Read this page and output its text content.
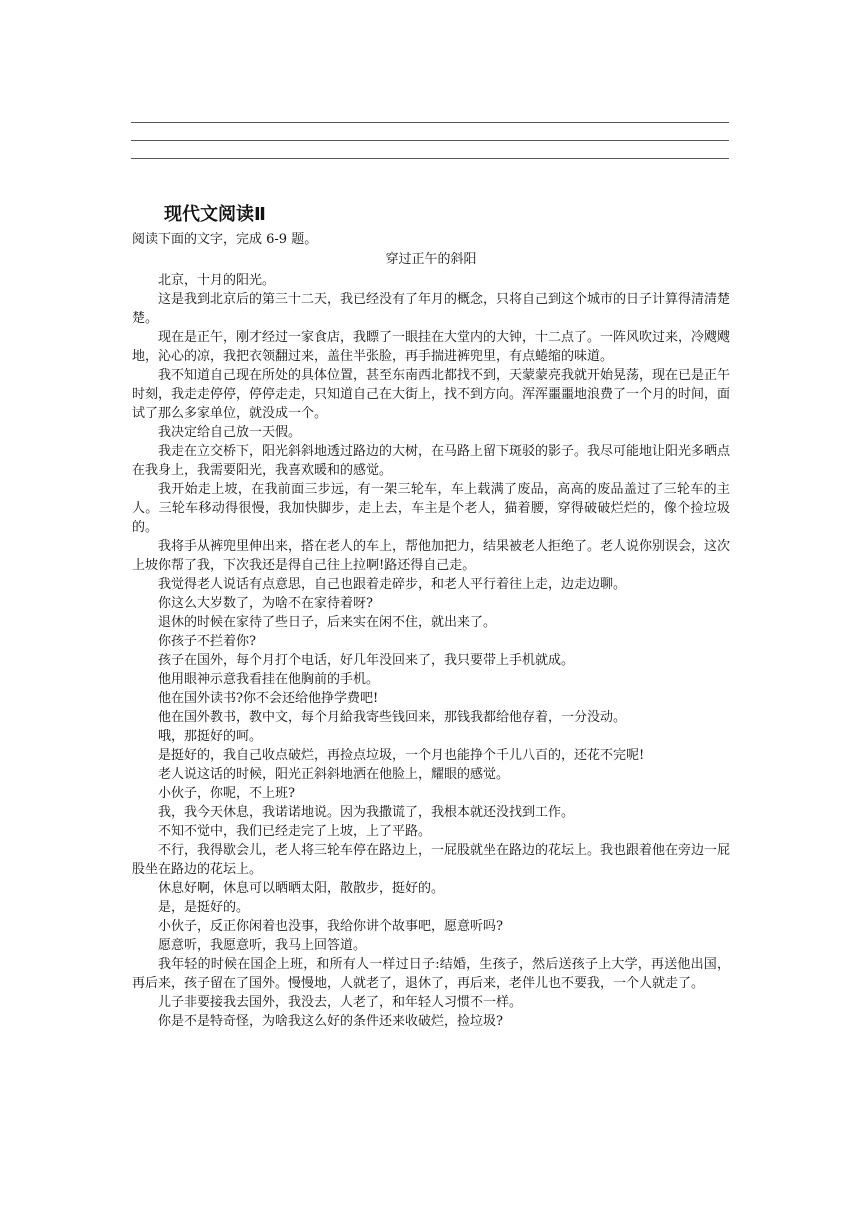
现代文阅读Ⅱ

阅读下面的文字，完成 6-9 题。

穿过正午的斜阳

北京，十月的阳光。

这是我到北京后的第三十二天，我已经没有了年月的概念，只将自己到这个城市的日子计算得清清楚楚。

现在是正午，刚才经过一家食店，我瞟了一眼挂在大堂内的大钟，十二点了。一阵风吹过来，冷飕飕地，沁心的凉，我把衣领翻过来，盖住半张脸，再手揣进裤兜里，有点蜷缩的味道。

我不知道自己现在所处的具体位置，甚至东南西北都找不到，天蒙蒙亮我就开始晃荡，现在已是正午时刻，我走走停停，停停走走，只知道自己在大街上，找不到方向。浑浑噩噩地浪费了一个月的时间，面试了那么多家单位，就没成一个。

我决定给自己放一天假。

我走在立交桥下，阳光斜斜地透过路边的大树，在马路上留下斑驳的影子。我尽可能地让阳光多晒点在我身上，我需要阳光，我喜欢暖和的感觉。

我开始走上坡，在我前面三步远，有一架三轮车，车上载满了废品，高高的废品盖过了三轮车的主人。三轮车移动得很慢，我加快脚步，走上去，车主是个老人，猫着腰，穿得破破烂烂的，像个捡垃圾的。

我将手从裤兜里伸出来，搭在老人的车上，帮他加把力，结果被老人拒绝了。老人说你别误会，这次上坡你帮了我，下次我还是得自己往上拉啊!路还得自己走。

我觉得老人说话有点意思，自己也跟着走碎步，和老人平行着往上走，边走边聊。

你这么大岁数了，为啥不在家待着呀?

退休的时候在家待了些日子，后来实在闲不住，就出来了。

你孩子不拦着你?

孩子在国外，每个月打个电话，好几年没回来了，我只要带上手机就成。

他用眼神示意我看挂在他胸前的手机。

他在国外读书?你不会还给他挣学费吧!

他在国外教书，教中文，每个月給我寄些钱回来，那钱我都给他存着，一分没动。

哦，那挺好的呵。

是挺好的，我自己收点破烂，再捡点垃圾，一个月也能挣个千儿八百的，还花不完呢!

老人说这话的时候，阳光正斜斜地洒在他脸上，耀眼的感觉。

小伙子，你呢，不上班?

我，我今天休息，我诺诺地说。因为我撒谎了，我根本就还没找到工作。

不知不觉中，我们已经走完了上坡，上了平路。

不行，我得歇会儿，老人将三轮车停在路边上，一屁股就坐在路边的花坛上。我也跟着他在旁边一屁股坐在路边的花坛上。

休息好啊，休息可以晒晒太阳，散散步，挺好的。

是，是挺好的。

小伙子，反正你闲着也没事，我给你讲个故事吧，愿意听吗?

愿意听，我愿意听，我马上回答道。

我年轻的时候在国企上班，和所有人一样过日子:结婚，生孩子，然后送孩子上大学，再送他出国，再后来，孩子留在了国外。慢慢地，人就老了，退休了，再后来，老伴儿也不要我，一个人就走了。

儿子非要接我去国外，我没去，人老了，和年轻人习惯不一样。

你是不是特奇怪，为啥我这么好的条件还来收破烂，捡垃圾?
